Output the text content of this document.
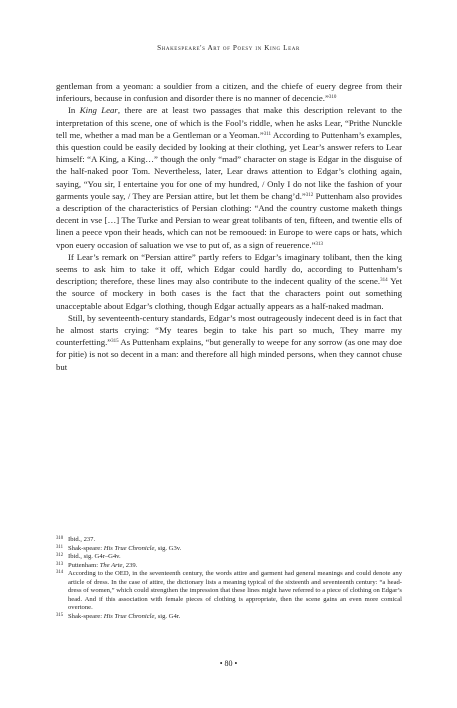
Shakespeare's Art of Poesy in King Lear

gentleman from a yeoman: a souldier from a citizen, and the chiefe of euery degree from their inferiours, because in confusion and disorder there is no manner of decencie.”$^{310}$

In King Lear, there are at least two passages that make this description relevant to the interpretation of this scene, one of which is the Fool’s riddle, when he asks Lear, “Prithe Nunckle tell me, whether a mad man be a Gentleman or a Yeoman.”$^{311}$ According to Puttenham’s examples, this question could be easily decided by looking at their clothing, yet Lear’s answer refers to Lear himself: “A King, a King…” though the only “mad” character on stage is Edgar in the disguise of the half-naked poor Tom. Nevertheless, later, Lear draws attention to Edgar’s clothing again, saying, “You sir, I entertaine you for one of my hundred, / Only I do not like the fashion of your garments youle say, / They are Persian attire, but let them be chang’d.”$^{312}$ Puttenham also provides a description of the characteristics of Persian clothing: “And the country custome maketh things decent in vse […] The Turke and Persian to wear great tolibants of ten, fifteen, and twentie ells of linen a peece vpon their heads, which can not be remooued: in Europe to were caps or hats, which vpon euery occasion of saluation we vse to put of, as a sign of reuerence.”$^{313}$

If Lear’s remark on “Persian attire” partly refers to Edgar’s imaginary tolibant, then the king seems to ask him to take it off, which Edgar could hardly do, according to Puttenham’s description; therefore, these lines may also contribute to the indecent quality of the scene.$^{314}$ Yet the source of mockery in both cases is the fact that the characters point out something unacceptable about Edgar’s clothing, though Edgar actually appears as a half-naked madman.

Still, by seventeenth-century standards, Edgar’s most outrageously indecent deed is in fact that he almost starts crying: “My teares begin to take his part so much, They marre my counterfetting.”$^{315}$ As Puttenham explains, “but generally to weepe for any sorrow (as one may doe for pitie) is not so decent in a man: and therefore all high minded persons, when they cannot chuse but

310 Ibid., 237.
311 Shak-speare: His True Chronicle, sig. G3v.
312 Ibid., sig. G4r–G4v.
313 Puttenham: The Arte, 239.
314 According to the OED, in the seventeenth century, the words attire and garment had general meanings and could denote any article of dress. In the case of attire, the dictionary lists a meaning typical of the sixteenth and seventeenth century: “a head-dress of women,” which could strengthen the impression that these lines might have referred to a piece of clothing on Edgar’s head. And if this association with female pieces of clothing is appropriate, then the scene gains an even more comical overtone.
315 Shak-speare: His True Chronicle, sig. G4r.
• 80 •
